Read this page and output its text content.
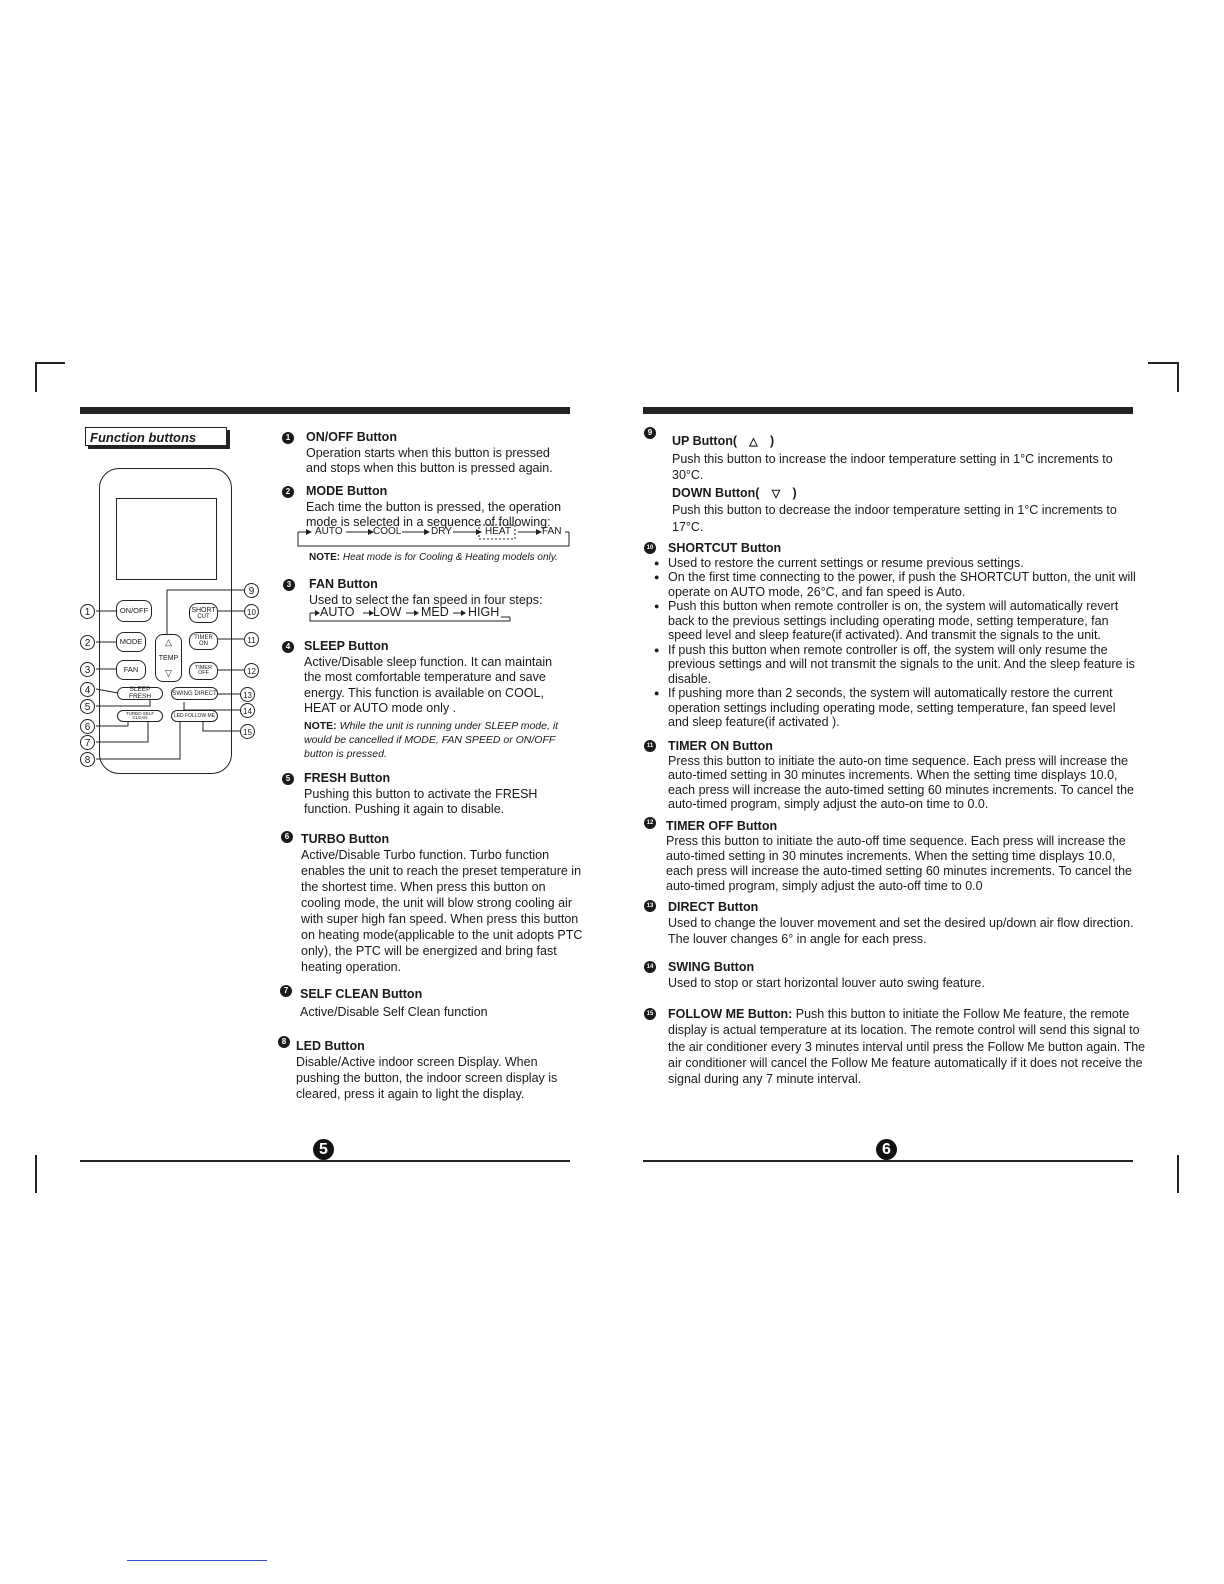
5	6
Function buttons
ON/OFF
MODE
FAN
△
TEMP
▽
SHORT
CUT
TIMER ON
TIMER OFF
SLEEP FRESH	SWING DIRECT
TURBO SELF CLEAN	LED FOLLOW ME
1
2
3
4
5
6
7
8
9
10
11
12
13
14
15
1	ON/OFF Button
Operation starts when this button is pressed and stops when this button is pressed again.
2	MODE Button
Each time the button is pressed, the operation mode is selected in a sequence of following:
AUTO	COOL	DRY	HEAT	FAN
NOTE: Heat mode is for Cooling & Heating models only.
3	FAN Button
Used to select the fan speed in four steps:
AUTO LOW MED HIGH
4	SLEEP Button
Active/Disable sleep function. It can maintain the most comfortable temperature and save energy. This function is available on COOL, HEAT or AUTO mode only .
NOTE: While the unit is running under SLEEP mode, it would be cancelled if MODE, FAN SPEED or ON/OFF button is pressed.
5	FRESH Button
Pushing this button to activate the FRESH function. Pushing it again to disable.
6 TURBO Button
Active/Disable Turbo function. Turbo function enables the unit to reach the preset temperature in the shortest time. When press this button on cooling mode, the unit will blow strong cooling air with super high fan speed. When press this button on heating mode(applicable to the unit adopts PTC only), the PTC will be energized and bring fast heating operation.
7 SELF CLEAN Button
Active/Disable Self Clean function
8 LED Button
Disable/Active indoor screen Display. When pushing the button, the indoor screen display is cleared, press it again to light the display.
9
UP Button( △ )
Push this button to increase the indoor temperature setting in 1°C increments to 30°C.
DOWN Button( ▽ )
Push this button to decrease the indoor temperature setting in 1°C increments to 17°C.
10	SHORTCUT Button
● Used to restore the current settings or resume previous settings.
● On the first time connecting to the power, if push the SHORTCUT button, the unit will operate on AUTO mode, 26°C, and fan speed is Auto.
● Push this button when remote controller is on, the system will automatically revert back to the previous settings including operating mode, setting temperature, fan speed level and sleep feature(if activated). And transmit the signals to the unit.
● If push this button when remote controller is off, the system will only resume the previous settings and will not transmit the signals to the unit. And the sleep feature is disable.
● If pushing more than 2 seconds, the system will automatically restore the current operation settings including operating mode, setting temperature, fan speed level and sleep feature(if activated ).
11 TIMER ON Button
Press this button to initiate the auto-on time sequence. Each press will increase the auto-timed setting in 30 minutes increments. When the setting time displays 10.0, each press will increase the auto-timed setting 60 minutes increments. To cancel the auto-timed program, simply adjust the auto-on time to 0.0.
12 TIMER OFF Button
Press this button to initiate the auto-off time sequence. Each press will increase the auto-timed setting in 30 minutes increments. When the setting time displays 10.0, each press will increase the auto-timed setting 60 minutes increments. To cancel the auto-timed program, simply adjust the auto-off time to 0.0
13 DIRECT Button
Used to change the louver movement and set the desired up/down air flow direction. The louver changes 6° in angle for each press.
14 SWING Button
Used to stop or start horizontal louver auto swing feature.
15 FOLLOW ME Button: Push this button to initiate the Follow Me feature, the remote display is actual temperature at its location. The remote control will send this signal to the air conditioner every 3 minutes interval until press the Follow Me button again. The air conditioner will cancel the Follow Me feature automatically if it does not receive the signal during any 7 minute interval.
